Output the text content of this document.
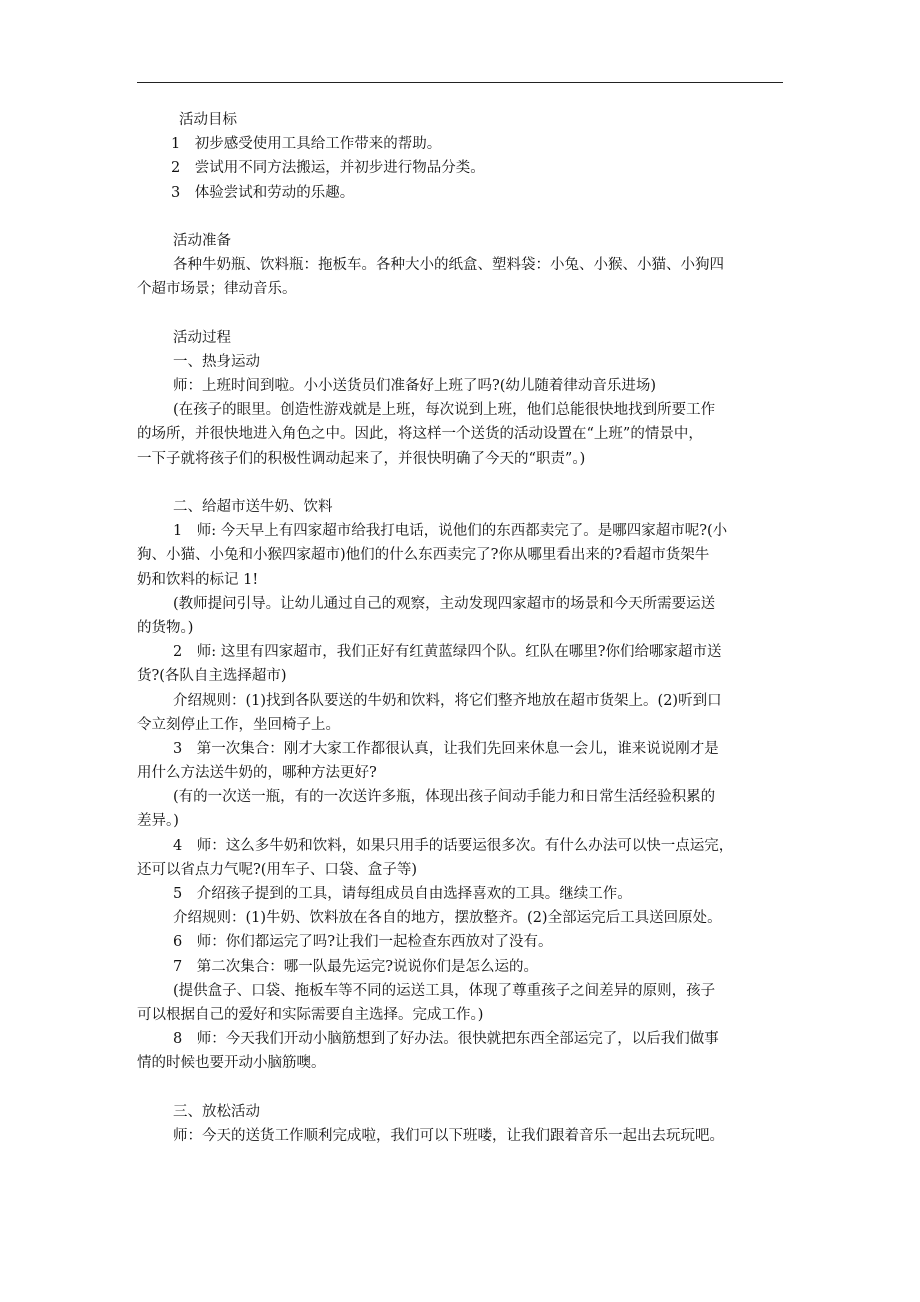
活动目标
1　初步感受使用工具给工作带来的帮助。
2　尝试用不同方法搬运，并初步进行物品分类。
3　体验尝试和劳动的乐趣。
活动准备
各种牛奶瓶、饮料瓶：拖板车。各种大小的纸盒、塑料袋：小兔、小猴、小猫、小狗四
个超市场景；律动音乐。
活动过程
一、热身运动
师：上班时间到啦。小小送货员们准备好上班了吗?(幼儿随着律动音乐进场)
(在孩子的眼里。创造性游戏就是上班，每次说到上班，他们总能很快地找到所要工作
的场所，并很快地进入角色之中。因此，将这样一个送货的活动设置在“上班”的情景中，
一下子就将孩子们的积极性调动起来了，并很快明确了今天的“职责”。)
二、给超市送牛奶、饮料
1　师: 今天早上有四家超市给我打电话，说他们的东西都卖完了。是哪四家超市呢?(小
狗、小猫、小兔和小猴四家超市)他们的什么东西卖完了?你从哪里看出来的?看超市货架牛
奶和饮料的标记 1!
(教师提问引导。让幼儿通过自己的观察，主动发现四家超市的场景和今天所需要运送
的货物。)
2　师: 这里有四家超市，我们正好有红黄蓝绿四个队。红队在哪里?你们给哪家超市送
货?(各队自主选择超市)
介绍规则：(1)找到各队要送的牛奶和饮料，将它们整齐地放在超市货架上。(2)听到口
令立刻停止工作，坐回椅子上。
3　第一次集合：刚才大家工作都很认真，让我们先回来休息一会儿，谁来说说刚才是
用什么方法送牛奶的，哪种方法更好?
(有的一次送一瓶，有的一次送许多瓶，体现出孩子间动手能力和日常生活经验积累的
差异。)
4　师：这么多牛奶和饮料，如果只用手的话要运很多次。有什么办法可以快一点运完，
还可以省点力气呢?(用车子、口袋、盒子等)
5　介绍孩子提到的工具，请每组成员自由选择喜欢的工具。继续工作。
介绍规则：(1)牛奶、饮料放在各自的地方，摆放整齐。(2)全部运完后工具送回原处。
6　师：你们都运完了吗?让我们一起检查东西放对了没有。
7　第二次集合：哪一队最先运完?说说你们是怎么运的。
(提供盒子、口袋、拖板车等不同的运送工具，体现了尊重孩子之间差异的原则，孩子
可以根据自己的爱好和实际需要自主选择。完成工作。)
8　师：今天我们开动小脑筋想到了好办法。很快就把东西全部运完了，以后我们做事
情的时候也要开动小脑筋噢。
三、放松活动
师：今天的送货工作顺利完成啦，我们可以下班喽，让我们跟着音乐一起出去玩玩吧。
